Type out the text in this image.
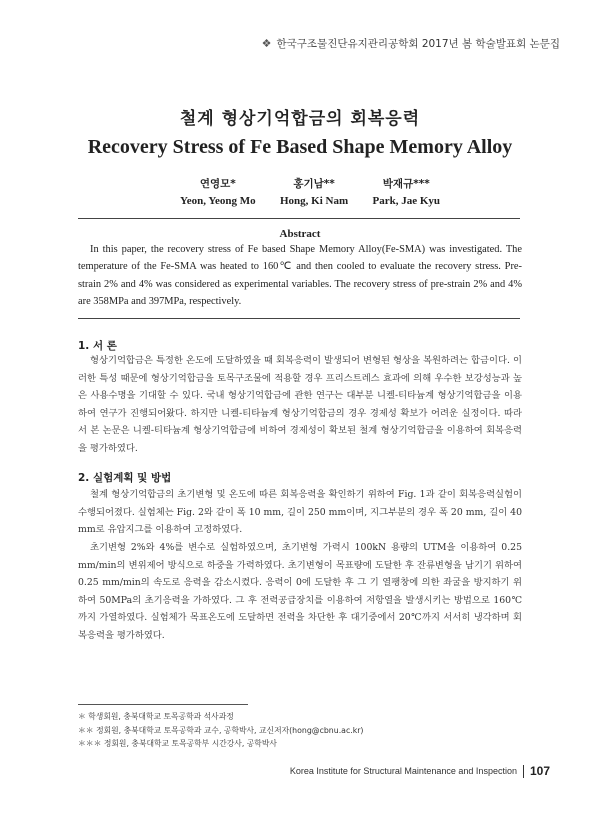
❖ 한국구조물진단유지관리공학회 2017년 봄 학술발표회 논문집
철계 형상기억합금의 회복응력
Recovery Stress of Fe Based Shape Memory Alloy
연영모*
Yeon, Yeong Mo
홍기남**
Hong, Ki Nam
박재규***
Park, Jae Kyu
Abstract
In this paper, the recovery stress of Fe based Shape Memory Alloy(Fe-SMA) was investigated. The temperature of the Fe-SMA was heated to 160℃ and then cooled to evaluate the recovery stress. Pre-strain 2% and 4% was considered as experimental variables. The recovery stress of pre-strain 2% and 4% are 358MPa and 397MPa, respectively.
1. 서 론

형상기억합금은 특정한 온도에 도달하였을 때 회복응력이 발생되어 변형된 형상을 복원하려는 합금이다. 이러한 특성 때문에 형상기억합금을 토목구조물에 적용할 경우 프리스트레스 효과에 의해 우수한 보강성능과 높은 사용수명을 기대할 수 있다. 국내 형상기억합금에 관한 연구는 대부분 니켈-티타늄계 형상기억합금을 이용하여 연구가 진행되어왔다. 하지만 니켈-티타늄계 형상기억합금의 경우 경제성 확보가 어려운 실정이다. 따라서 본 논문은 니켈-티타늄계 형상기억합금에 비하여 경제성이 확보된 철계 형상기억합금을 이용하여 회복응력을 평가하였다.

2. 실험계획 및 방법

철계 형상기억합금의 초기변형 및 온도에 따른 회복응력을 확인하기 위하여 Fig. 1과 같이 회복응력실험이 수행되어졌다. 실험체는 Fig. 2와 같이 폭 10 mm, 길이 250 mm이며, 지그부분의 경우 폭 20 mm, 길이 40 mm로 유압지그를 이용하여 고정하였다.

초기변형 2%와 4%를 변수로 실험하였으며, 초기변형 가력시 100kN 용량의 UTM을 이용하여 0.25 mm/min의 변위제어 방식으로 하중을 가력하였다. 초기변형이 목표량에 도달한 후 잔류변형을 남기기 위하여 0.25 mm/min의 속도로 응력을 감소시켰다. 응력이 0에 도달한 후 그 기 열팽창에 의한 좌굴을 방지하기 위하여 50MPa의 초기응력을 가하였다. 그 후 전력공급장치를 이용하여 저항열을 발생시키는 방법으로 160℃까지 가열하였다. 실험체가 목표온도에 도달하면 전력을 차단한 후 대기중에서 20℃까지 서서히 냉각하며 회복응력을 평가하였다.

＊ 학생회원, 충북대학교 토목공학과 석사과정
＊＊ 정회원, 충북대학교 토목공학과 교수, 공학박사, 교신저자(hong@cbnu.ac.kr)
＊＊＊ 정회원, 충북대학교 토목공학부 시간강사, 공학박사
Korea Institute for Structural Maintenance and Inspection 107
